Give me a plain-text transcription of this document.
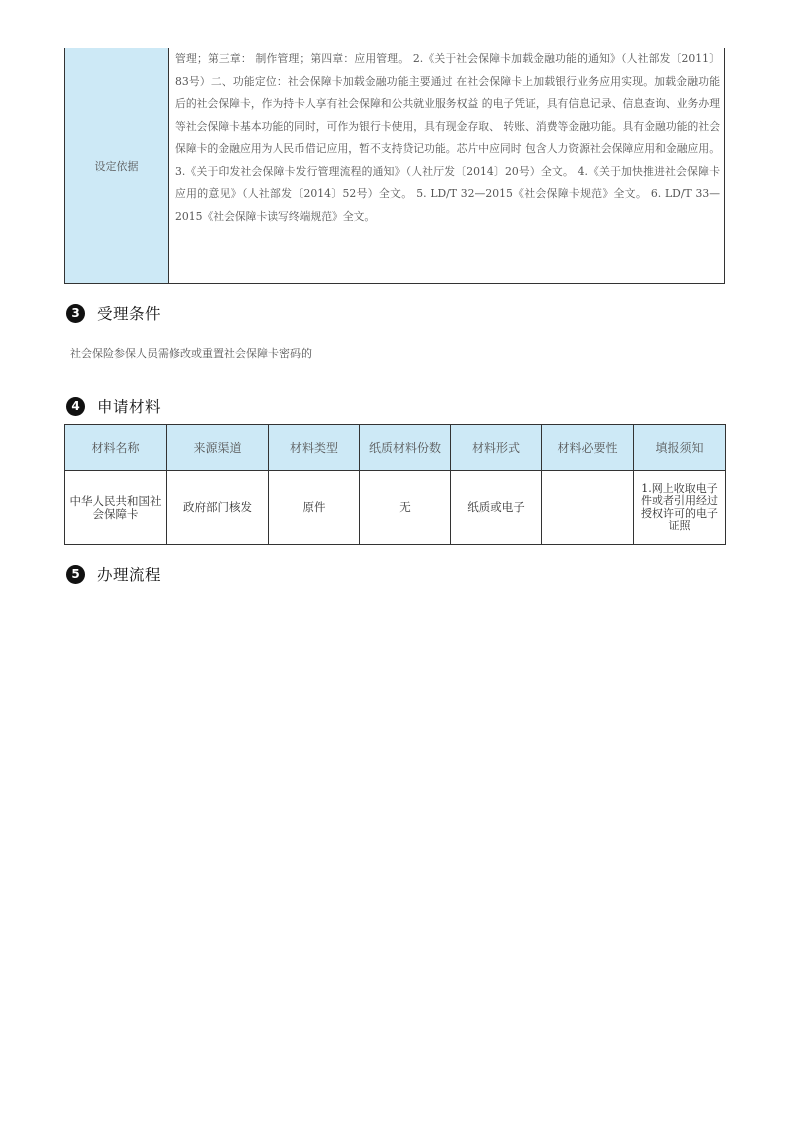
设定依据	管理；第三章： 制作管理；第四章：应用管理。 2.《关于社会保障卡加载金融功能的通知》（人社部发〔2011〕83号）二、功能定位：社会保障卡加载金融功能主要通过 在社会保障卡上加载银行业务应用实现。加载金融功能后的社会保障卡，作为持卡人享有社会保障和公共就业服务权益 的电子凭证，具有信息记录、信息查询、业务办理等社会保障卡基本功能的同时，可作为银行卡使用，具有现金存取、 转账、消费等金融功能。具有金融功能的社会保障卡的金融应用为人民币借记应用，暂不支持贷记功能。芯片中应同时 包含人力资源社会保障应用和金融应用。 3.《关于印发社会保障卡发行管理流程的通知》（人社厅发〔2014〕20号）全文。 4.《关于加快推进社会保障卡应用的意见》（人社部发〔2014〕52号）全文。 5. LD/T 32—2015《社会保障卡规范》全文。 6. LD/T 33—2015《社会保障卡读写终端规范》全文。
3	受理条件
社会保险参保人员需修改或重置社会保障卡密码的
4	申请材料
材料名称	来源渠道	材料类型	纸质材料份数	材料形式	材料必要性	填报须知
中华人民共和国社会保障卡	政府部门核发	原件	无	纸质或电子		1.网上收取电子件或者引用经过授权许可的电子证照
5	办理流程
